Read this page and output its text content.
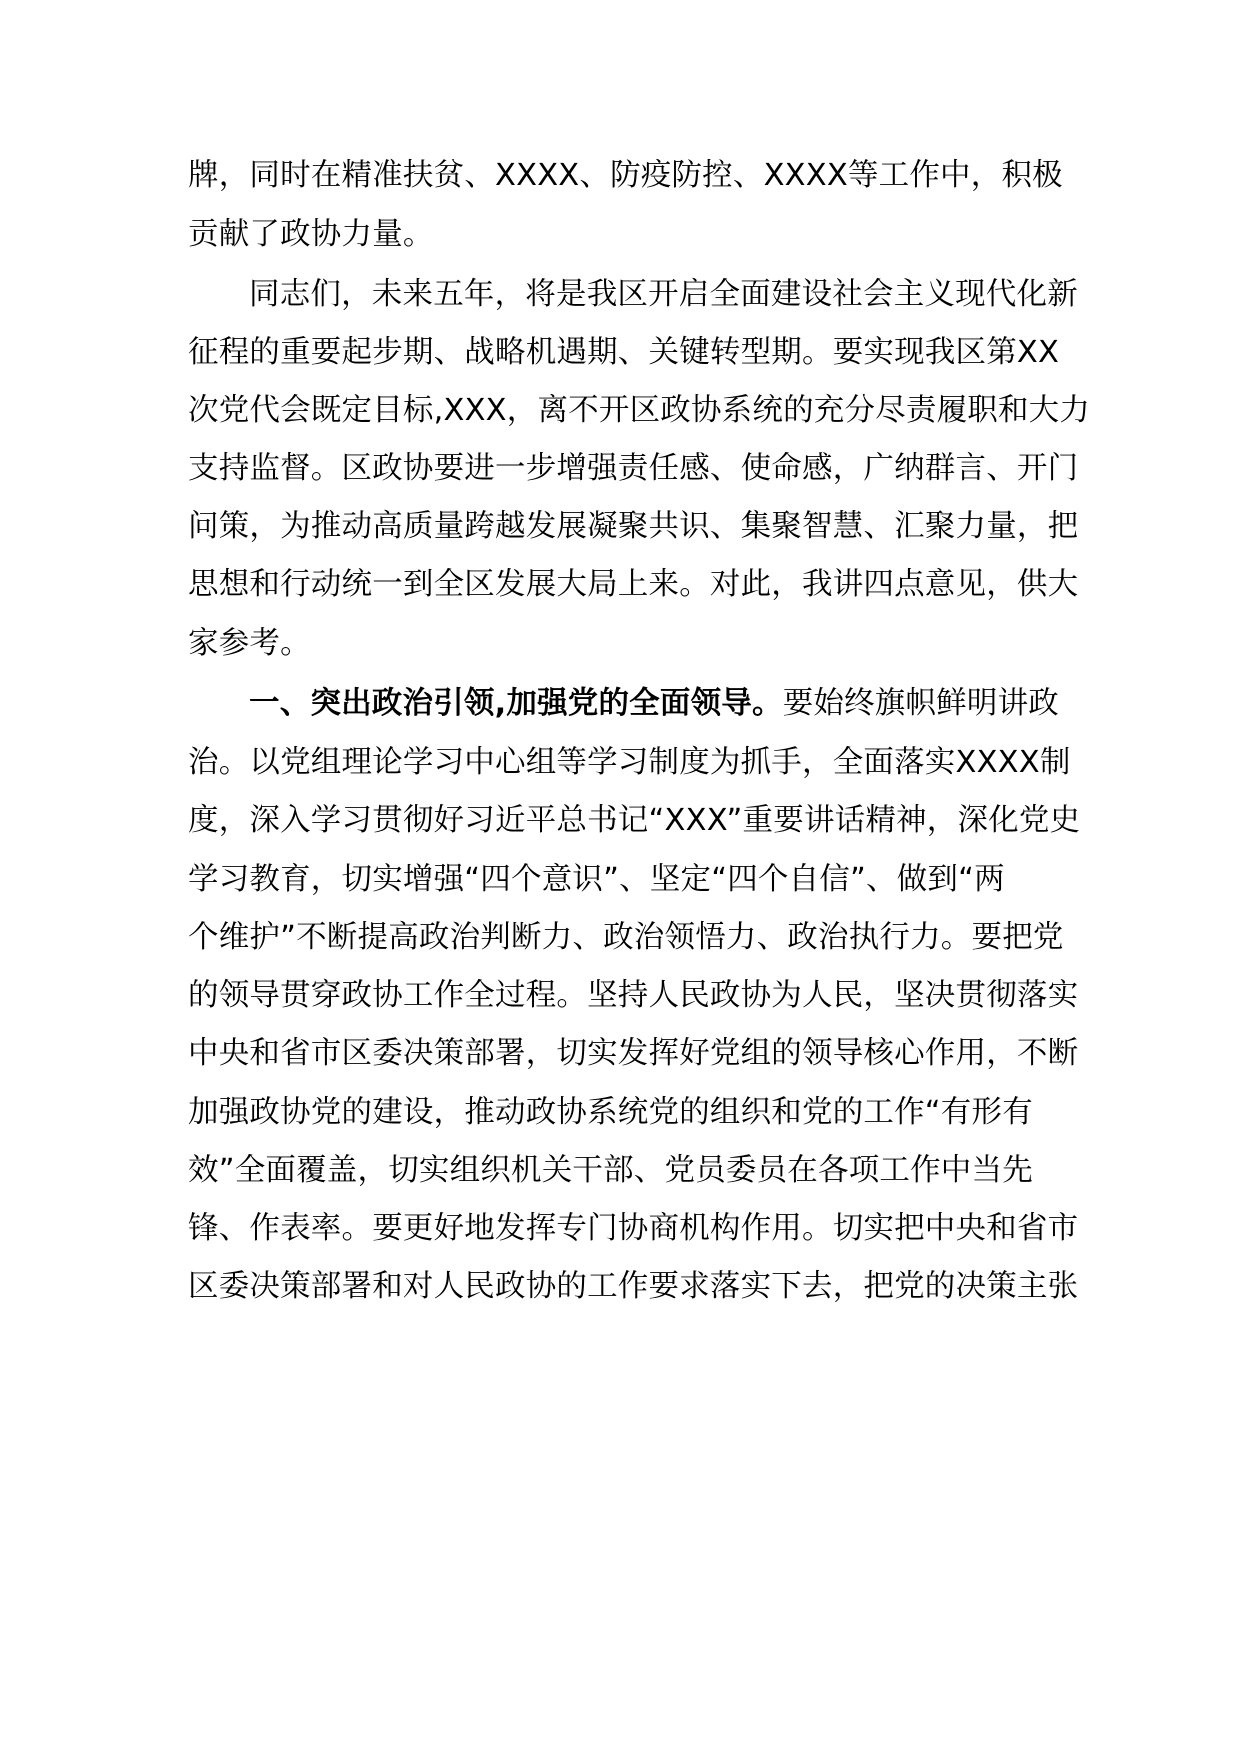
牌，同时在精准扶贫、XXXX、防疫防控、XXXX等工作中，积极
贡献了政协力量。
同志们，未来五年，将是我区开启全面建设社会主义现代化新
征程的重要起步期、战略机遇期、关键转型期。要实现我区第XX
次党代会既定目标,XXX，离不开区政协系统的充分尽责履职和大力
支持监督。区政协要进一步增强责任感、使命感，广纳群言、开门
问策，为推动高质量跨越发展凝聚共识、集聚智慧、汇聚力量，把
思想和行动统一到全区发展大局上来。对此，我讲四点意见，供大
家参考。
一、突出政治引领,加强党的全面领导。要始终旗帜鲜明讲政
治。以党组理论学习中心组等学习制度为抓手，全面落实XXXX制
度，深入学习贯彻好习近平总书记“XXX”重要讲话精神，深化党史
学习教育，切实增强“四个意识”、坚定“四个自信”、做到“两
个维护”不断提高政治判断力、政治领悟力、政治执行力。要把党
的领导贯穿政协工作全过程。坚持人民政协为人民，坚决贯彻落实
中央和省市区委决策部署，切实发挥好党组的领导核心作用，不断
加强政协党的建设，推动政协系统党的组织和党的工作“有形有
效”全面覆盖，切实组织机关干部、党员委员在各项工作中当先
锋、作表率。要更好地发挥专门协商机构作用。切实把中央和省市
区委决策部署和对人民政协的工作要求落实下去，把党的决策主张
